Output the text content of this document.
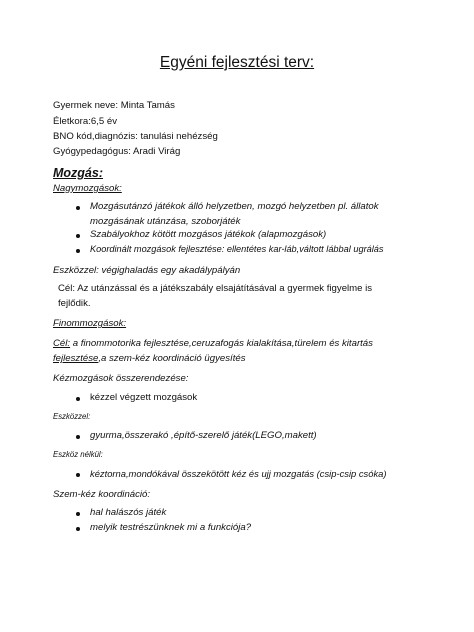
Egyéni fejlesztési terv:
Gyermek neve: Minta Tamás
Életkora:6,5 év
BNO kód,diagnózis: tanulási nehézség
Gyógypedagógus: Aradi Virág
Mozgás:
Nagymozgások:
Mozgásutánzó játékok álló helyzetben, mozgó helyzetben pl. állatok
mozgásának utánzása, szoborjáték
Szabályokhoz kötött mozgásos játékok (alapmozgások)
Koordinált mozgások fejlesztése: ellentétes kar-láb,váltott lábbal ugrálás
Eszközzel: végighaladás egy akadálypályán
Cél: Az utánzással és a játékszabály elsajátításával a gyermek figyelme is
fejlődik.
Finommozgások:
Cél: a finommotorika fejlesztése,ceruzafogás kialakítása,türelem és kitartás
fejlesztése,a szem-kéz koordináció ügyesítés
Kézmozgások összerendezése:
kézzel végzett mozgások
Eszközzel:
gyurma,összerakó ,építő-szerelő játék(LEGO,makett)
Eszköz nélkül:
kéztorna,mondókával összekötött kéz és ujj mozgatás (csip-csip csóka)
Szem-kéz koordináció:
hal halászós játék
melyik testrészünknek mi a funkciója?
